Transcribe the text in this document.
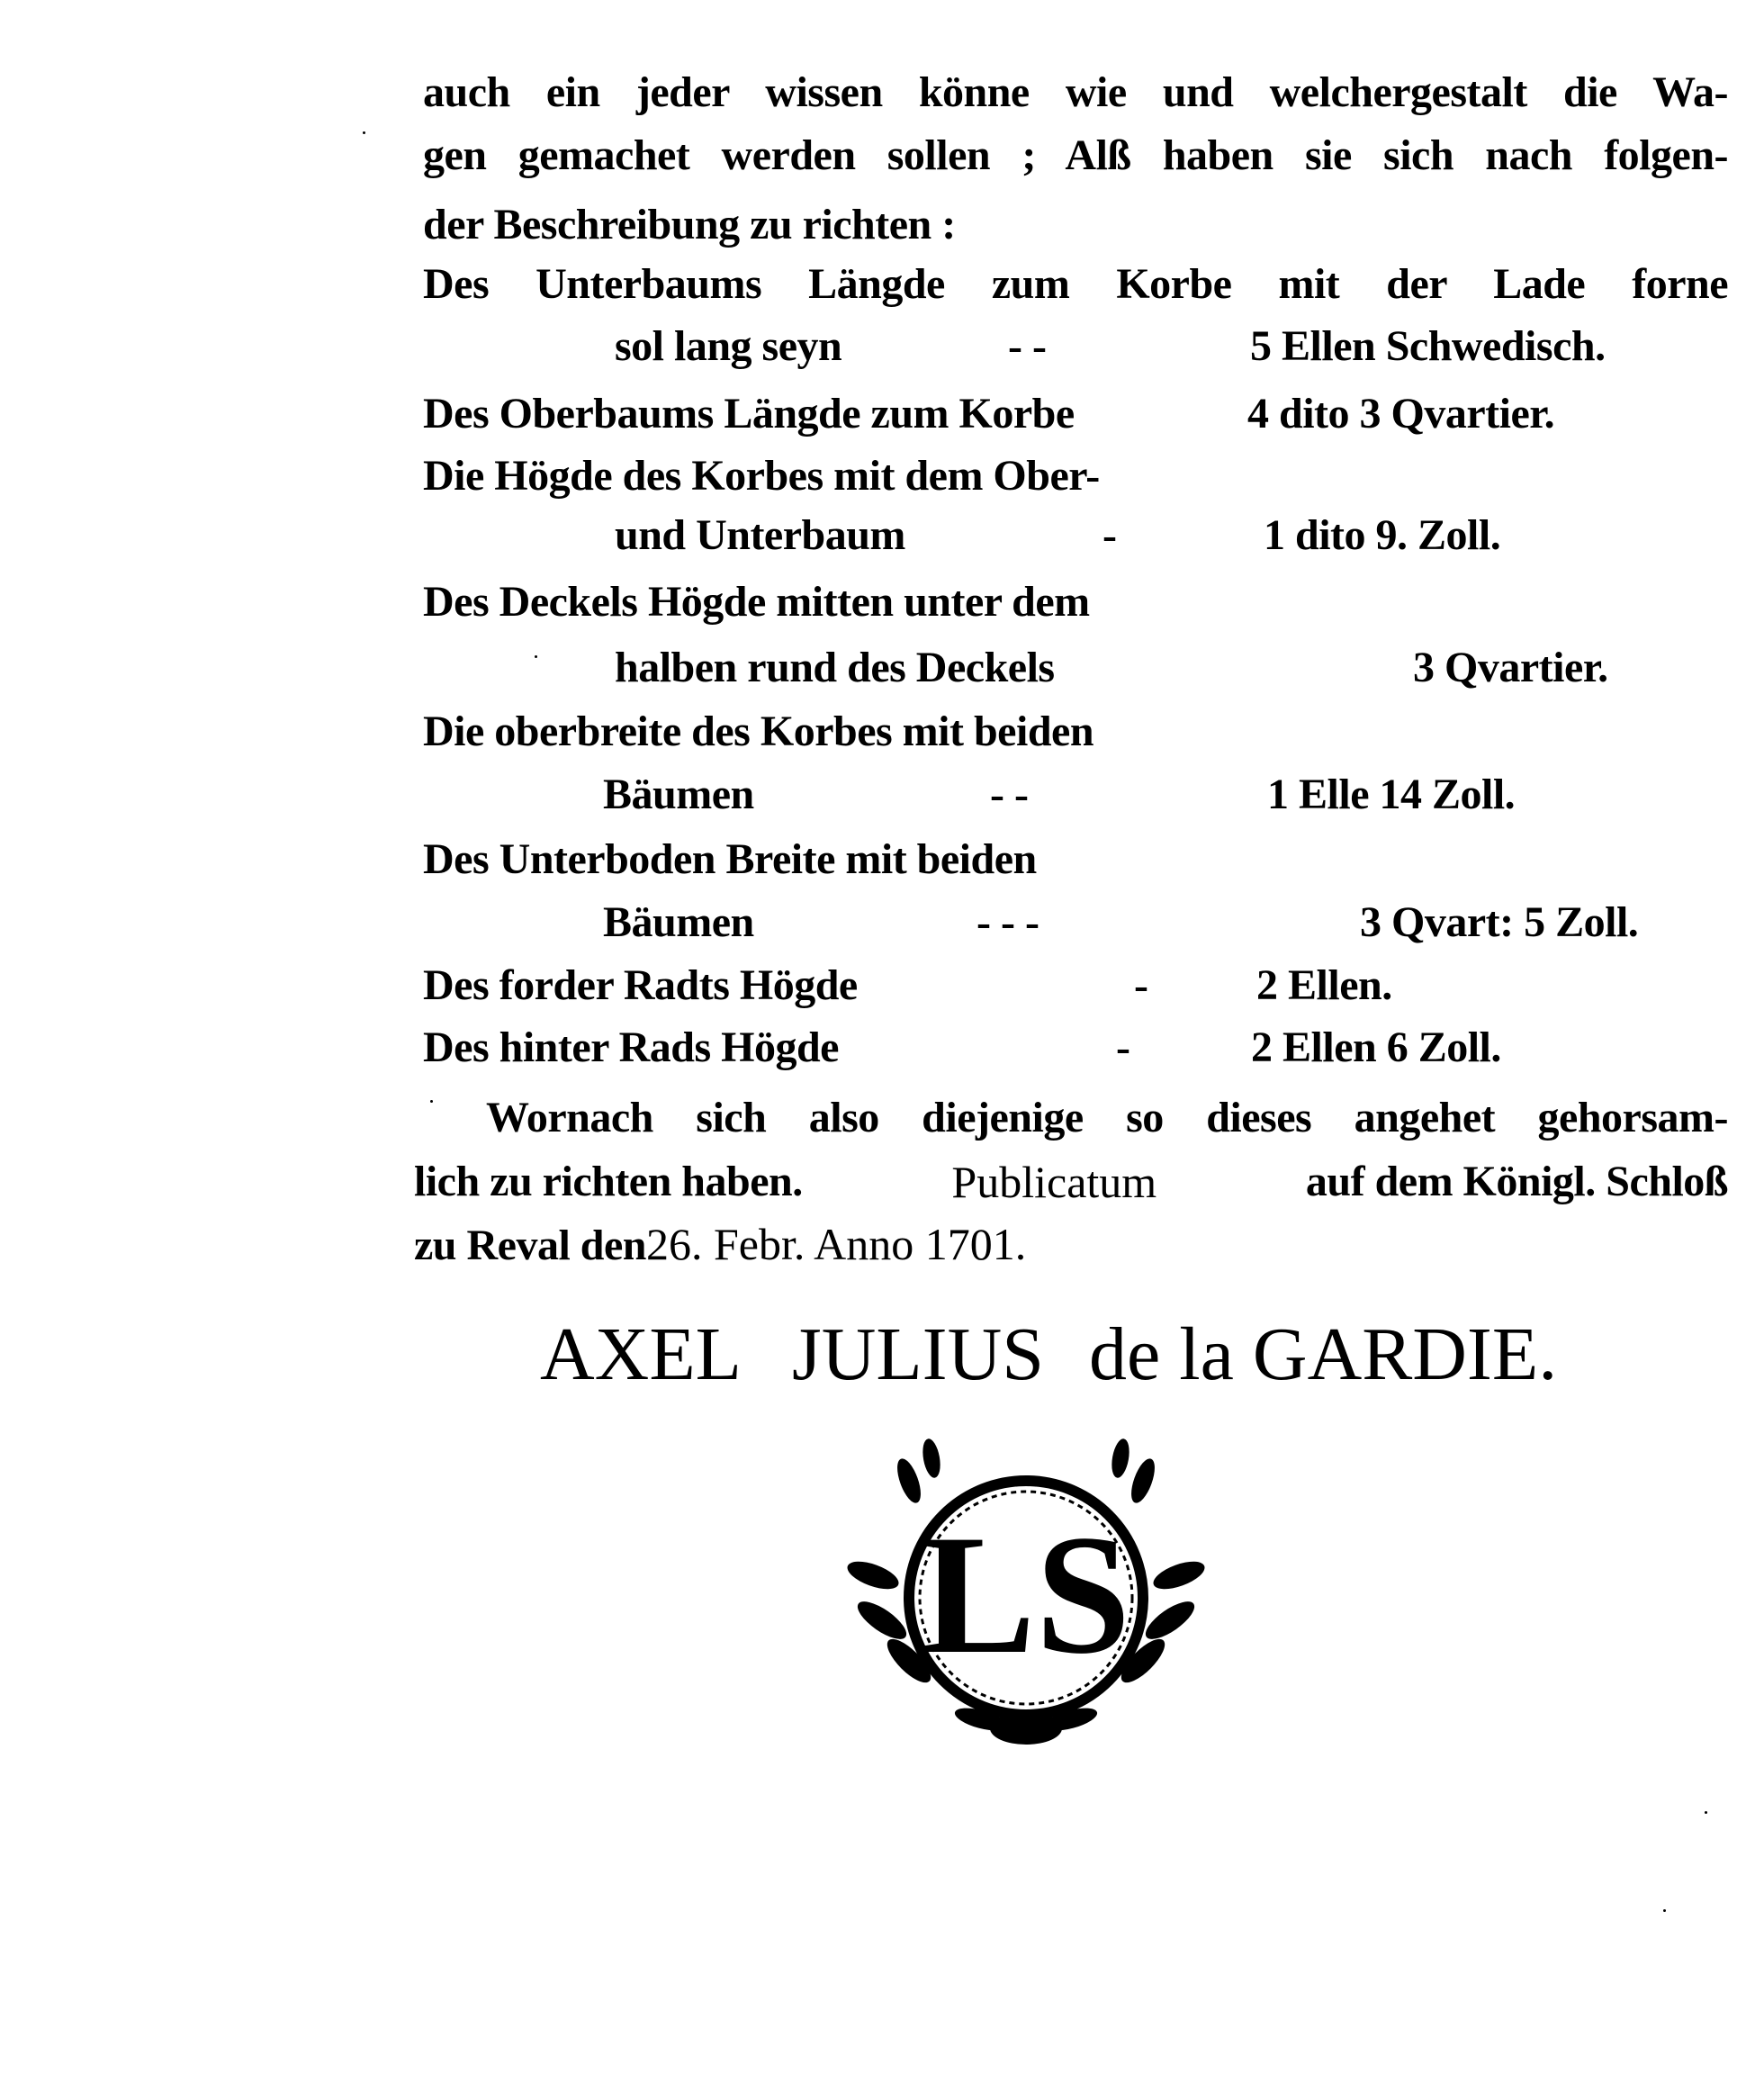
auch ein jeder wissen könne wie und welchergestalt die Wa-
gen gemachet werden sollen ; Alß haben sie sich nach folgen-
der Beschreibung zu richten :
Des Unterbaums Längde zum Korbe mit der Lade forne
sol lang seyn	- -	5 Ellen Schwedisch.
Des Oberbaums Längde zum Korbe	4 dito 3 Qvartier.
Die Högde des Korbes mit dem Ober-
und Unterbaum	-	1 dito 9. Zoll.
Des Deckels Högde mitten unter dem
halben rund des Deckels	3 Qvartier.
Die oberbreite des Korbes mit beiden
Bäumen	- -	1 Elle 14 Zoll.
Des Unterboden Breite mit beiden
Bäumen	- - -	3 Qvart: 5 Zoll.
Des forder Radts Högde	-	2 Ellen.
Des hinter Rads Högde	-	2 Ellen 6 Zoll.
Wornach sich also diejenige so dieses angehet gehorsam-
lich zu richten haben.	Publicatum	auf dem Königl. Schloß
zu Reval den26. Febr. Anno 1701.
AXEL JULIUS de la GARDIE.
LS
